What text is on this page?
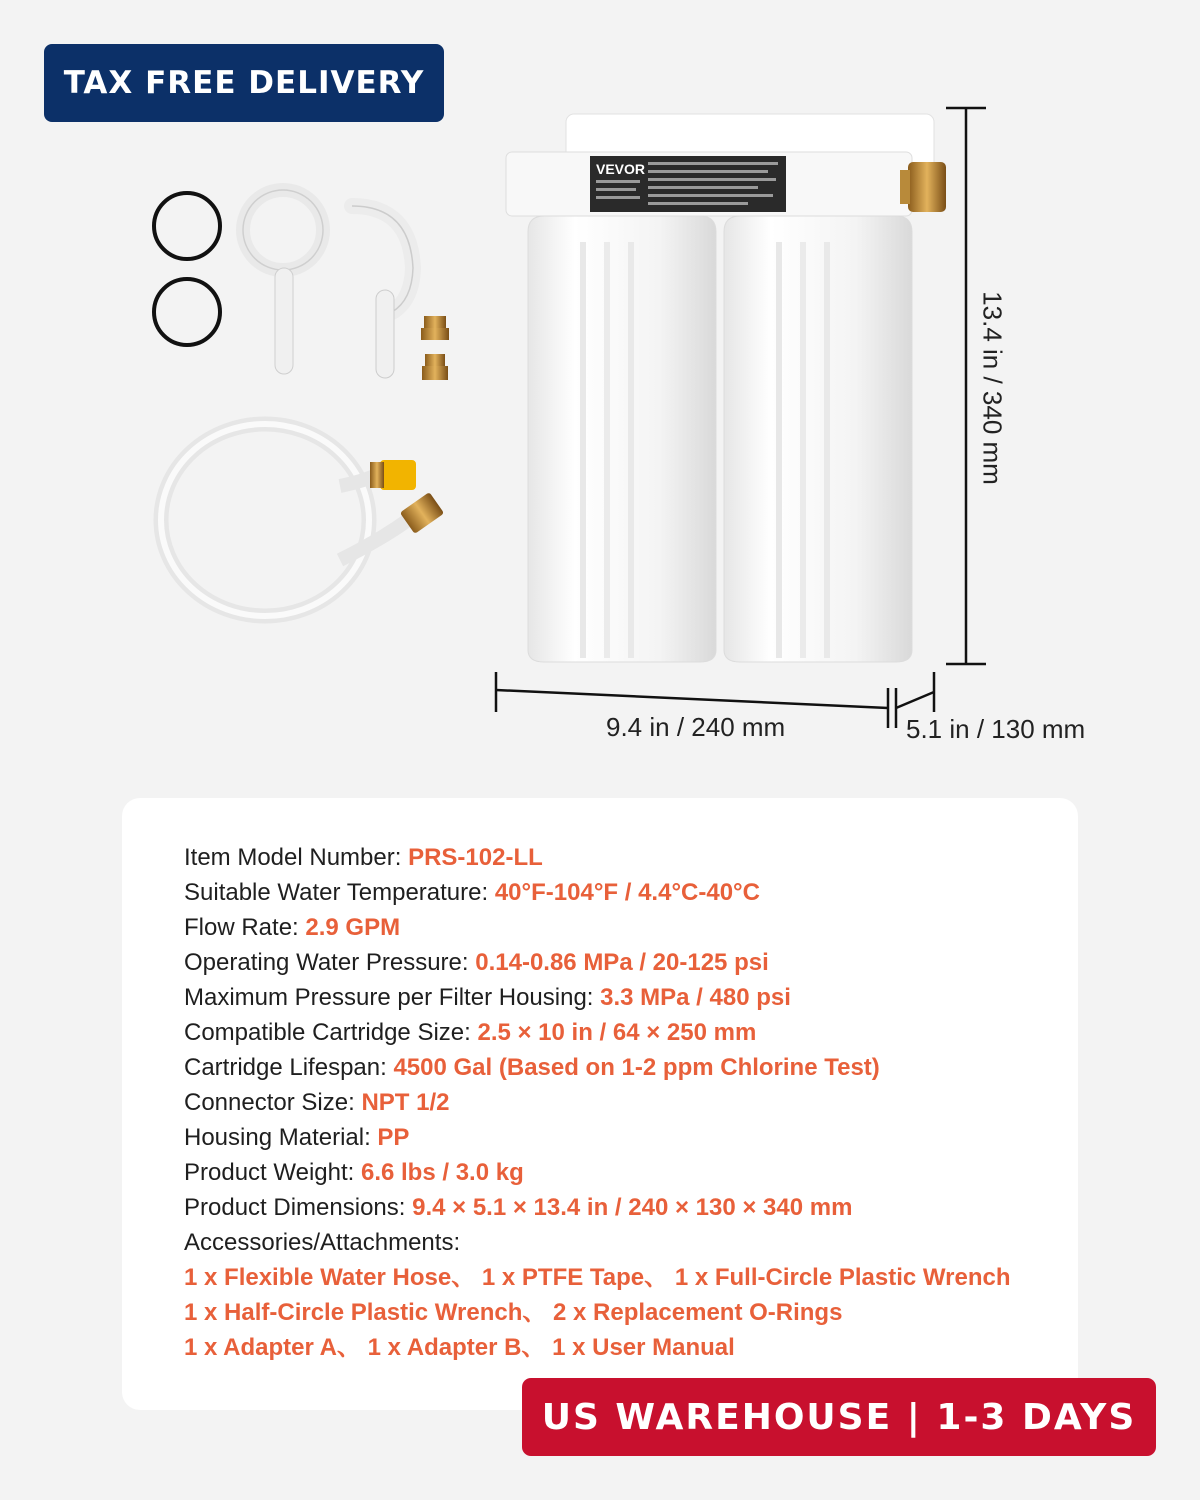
TAX FREE DELIVERY
VEVOR
9.4 in / 240 mm	5.1 in / 130 mm
13.4 in / 340 mm
Item Model Number: PRS-102-LL
Suitable Water Temperature: 40°F-104°F / 4.4°C-40°C
Flow Rate: 2.9 GPM
Operating Water Pressure: 0.14-0.86 MPa / 20-125 psi
Maximum Pressure per Filter Housing: 3.3 MPa / 480 psi
Compatible Cartridge Size: 2.5 × 10 in / 64 × 250 mm
Cartridge Lifespan: 4500 Gal (Based on 1-2 ppm Chlorine Test)
Connector Size: NPT 1/2
Housing Material: PP
Product Weight: 6.6 lbs / 3.0 kg
Product Dimensions: 9.4 × 5.1 × 13.4 in / 240 × 130 × 340 mm
Accessories/Attachments:
1 x Flexible Water Hose、 1 x PTFE Tape、 1 x Full-Circle Plastic Wrench
1 x Half-Circle Plastic Wrench、 2 x Replacement O-Rings
1 x Adapter A、 1 x Adapter B、 1 x User Manual
US WAREHOUSE | 1-3 DAYS
